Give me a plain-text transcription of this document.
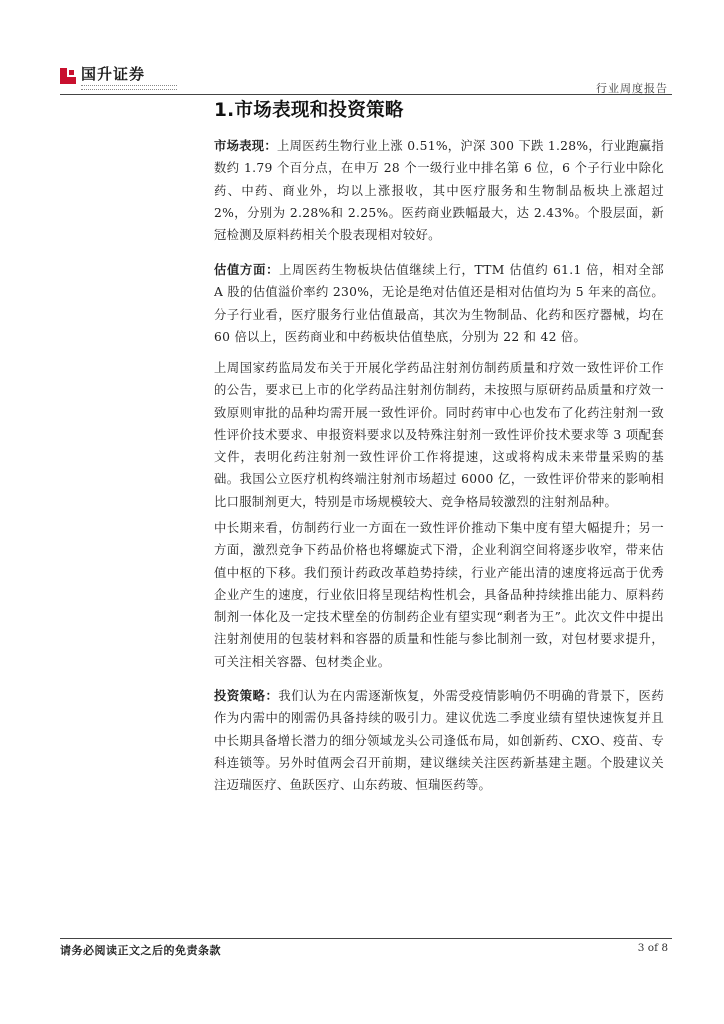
国升证券
行业周度报告
1.市场表现和投资策略

市场表现：上周医药生物行业上涨 0.51%，沪深 300 下跌 1.28%，行业跑赢指数约 1.79 个百分点，在申万 28 个一级行业中排名第 6 位，6 个子行业中除化药、中药、商业外，均以上涨报收，其中医疗服务和生物制品板块上涨超过 2%，分别为 2.28%和 2.25%。医药商业跌幅最大，达 2.43%。个股层面，新冠检测及原料药相关个股表现相对较好。

估值方面：上周医药生物板块估值继续上行，TTM 估值约 61.1 倍，相对全部 A 股的估值溢价率约 230%，无论是绝对估值还是相对估值均为 5 年来的高位。分子行业看，医疗服务行业估值最高，其次为生物制品、化药和医疗器械，均在 60 倍以上，医药商业和中药板块估值垫底，分别为 22 和 42 倍。

上周国家药监局发布关于开展化学药品注射剂仿制药质量和疗效一致性评价工作的公告，要求已上市的化学药品注射剂仿制药，未按照与原研药品质量和疗效一致原则审批的品种均需开展一致性评价。同时药审中心也发布了化药注射剂一致性评价技术要求、申报资料要求以及特殊注射剂一致性评价技术要求等 3 项配套文件，表明化药注射剂一致性评价工作将提速，这或将构成未来带量采购的基础。我国公立医疗机构终端注射剂市场超过 6000 亿，一致性评价带来的影响相比口服制剂更大，特别是市场规模较大、竞争格局较激烈的注射剂品种。

中长期来看，仿制药行业一方面在一致性评价推动下集中度有望大幅提升；另一方面，激烈竞争下药品价格也将螺旋式下滑，企业利润空间将逐步收窄，带来估值中枢的下移。我们预计药政改革趋势持续，行业产能出清的速度将远高于优秀企业产生的速度，行业依旧将呈现结构性机会，具备品种持续推出能力、原料药制剂一体化及一定技术壁垒的仿制药企业有望实现“剩者为王”。此次文件中提出注射剂使用的包装材料和容器的质量和性能与参比制剂一致，对包材要求提升，可关注相关容器、包材类企业。

投资策略：我们认为在内需逐渐恢复，外需受疫情影响仍不明确的背景下，医药作为内需中的刚需仍具备持续的吸引力。建议优选二季度业绩有望快速恢复并且中长期具备增长潜力的细分领域龙头公司逢低布局，如创新药、CXO、疫苗、专科连锁等。另外时值两会召开前期，建议继续关注医药新基建主题。个股建议关注迈瑞医疗、鱼跃医疗、山东药玻、恒瑞医药等。

请务必阅读正文之后的免责条款	3 of 8
